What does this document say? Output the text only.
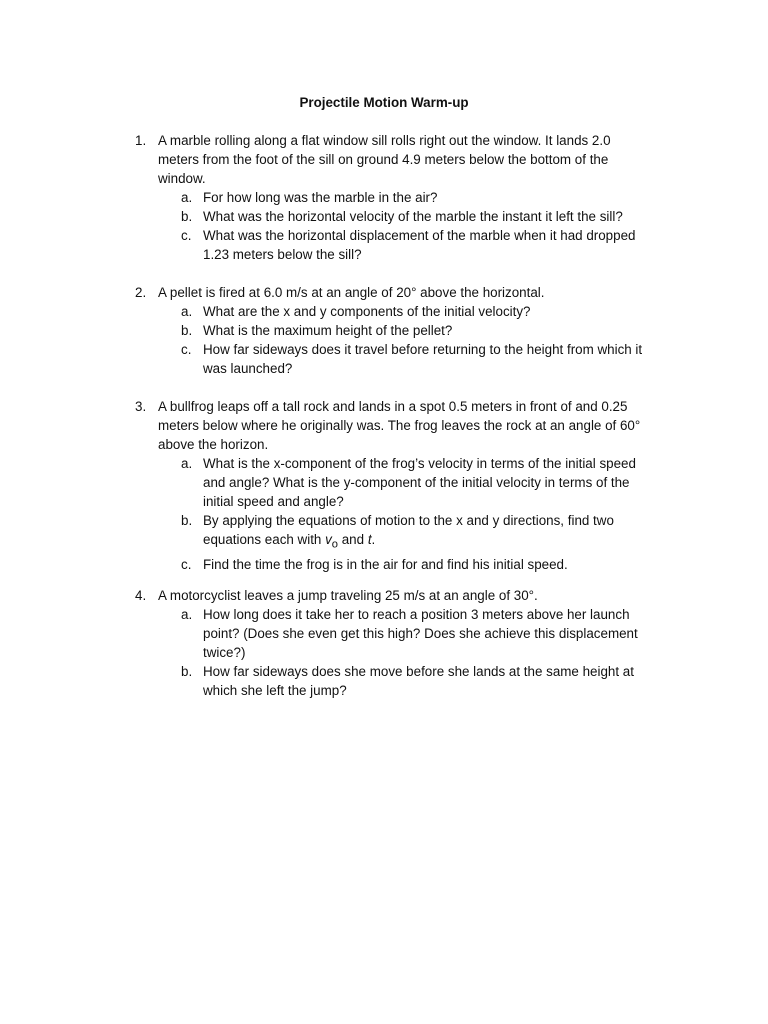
Projectile Motion Warm-up
1. A marble rolling along a flat window sill rolls right out the window. It lands 2.0 meters from the foot of the sill on ground 4.9 meters below the bottom of the window.
a. For how long was the marble in the air?
b. What was the horizontal velocity of the marble the instant it left the sill?
c. What was the horizontal displacement of the marble when it had dropped 1.23 meters below the sill?
2. A pellet is fired at 6.0 m/s at an angle of 20° above the horizontal.
a. What are the x and y components of the initial velocity?
b. What is the maximum height of the pellet?
c. How far sideways does it travel before returning to the height from which it was launched?
3. A bullfrog leaps off a tall rock and lands in a spot 0.5 meters in front of and 0.25 meters below where he originally was. The frog leaves the rock at an angle of 60° above the horizon.
a. What is the x-component of the frog’s velocity in terms of the initial speed and angle? What is the y-component of the initial velocity in terms of the initial speed and angle?
b. By applying the equations of motion to the x and y directions, find two equations each with $v_o$ and t.
c. Find the time the frog is in the air for and find his initial speed.
4. A motorcyclist leaves a jump traveling 25 m/s at an angle of 30°.
a. How long does it take her to reach a position 3 meters above her launch point? (Does she even get this high? Does she achieve this displacement twice?)
b. How far sideways does she move before she lands at the same height at which she left the jump?
